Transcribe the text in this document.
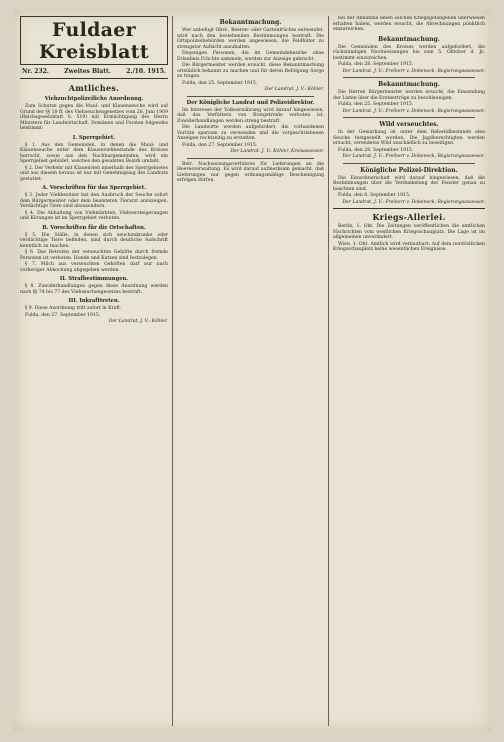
Fuldaer Kreisblatt
Nr. 232.	Zweites Blatt.	2./10. 1915.
Amtliches.
Viehzuchtpolizeiliche Anordnung.

Zum Schutze gegen die Maul- und Klauenseuche wird auf Grund der §§ 18 ff. des Viehseuchengesetzes vom 26. Juni 1909 (Reichsgesetzblatt S. 519) mit Ermächtigung des Herrn Ministers für Landwirtschaft, Domänen und Forsten folgendes bestimmt:

I. Sperrgebiet.

§ 1. Aus den Gemeinden, in denen die Maul- und Klauenseuche unter dem Klauenviehbestande des Kreises herrscht, sowie aus den Nachbargemeinden, wird ein Sperrgebiet gebildet, welches den gesamten Bezirk umfaßt.

§ 2. Der Verkehr mit Klauenvieh innerhalb des Sperrgebietes und aus diesem heraus ist nur mit Genehmigung des Landrats gestattet.

A. Vorschriften für das Sperrgebiet.

§ 3. Jeder Viehbesitzer hat den Ausbruch der Seuche sofort dem Bürgermeister oder dem beamteten Tierarzt anzuzeigen. Verdächtige Tiere sind abzusondern.

§ 4. Die Abhaltung von Viehmärkten, Viehversteigerungen und Körungen ist im Sperrgebiet verboten.

B. Vorschriften für die Ortschaften.

§ 5. Die Ställe, in denen sich seuchenkranke oder verdächtige Tiere befinden, sind durch deutliche Aufschrift kenntlich zu machen.

§ 6. Das Betreten der verseuchten Gehöfte durch fremde Personen ist verboten. Hunde und Katzen sind festzulegen.

§ 7. Milch aus verseuchten Gehöften darf nur nach vorheriger Abkochung abgegeben werden.

II. Strafbestimmungen.

§ 8. Zuwiderhandlungen gegen diese Anordnung werden nach §§ 74 bis 77 des Viehseuchengesetzes bestraft.

III. Inkrafttreten.

§ 9. Diese Anordnung tritt sofort in Kraft.

Fulda, den 27. September 1915.

Der Landrat. J. V.: Köhler.
Bekanntmachung.

Wer unbefugt Obst-, Beeren- oder Gartenfrüchte entwendet, wird nach den bestehenden Bestimmungen bestraft. Die Ortspolizeibehörden werden angewiesen, die Feldhüter zu strengster Aufsicht anzuhalten.

Diejenigen Personen, die im Gemeindebezirke ohne Erlaubnis Früchte sammeln, werden zur Anzeige gebracht.

Die Bürgermeister werden ersucht, diese Bekanntmachung ortsüblich bekannt zu machen und für deren Befolgung Sorge zu tragen.

Fulda, den 25. September 1915.

Der Landrat. J. V.: Köhler.
Der Königliche Landrat und Polizeidirektor.

Im Interesse der Volksernährung wird darauf hingewiesen, daß das Verfüttern von Brotgetreide verboten ist. Zuwiderhandlungen werden streng bestraft.

Die Landwirte werden aufgefordert, die vorhandenen Vorräte sparsam zu verwenden und die vorgeschriebenen Anzeigen rechtzeitig zu erstatten.

Fulda, den 27. September 1915.

Der Landrat. J. V.: Köhler, Kreisassessor.

Betr. Nachweisungsverfahren für Lieferungen an die Heeresverwaltung. Es wird darauf aufmerksam gemacht, daß Lieferungen nur gegen ordnungsmäßige Bescheinigung erfolgen dürfen.

bei der Annahme einen solchen Kriegsgefangenen überwiesen erhalten haben, werden ersucht, die Abrechnungen pünktlich einzureichen.

Bekanntmachung.

Die Gemeinden des Kreises werden aufgefordert, die rückständigen Nachweisungen bis zum 5. Oktober d. Js. bestimmt einzureichen.

Fulda, den 28. September 1915.

Der Landrat. J. V.: Freiherr v. Dobeneck, Regierungsassessor.
Bekanntmachung.

Die Herren Bürgermeister werden ersucht, die Einsendung der Listen über die Ernteerträge zu beschleunigen.

Fulda, den 25. September 1915.

Der Landrat. J. V.: Freiherr v. Dobeneck, Regierungsassessor.
Wild verseuchtes.

In der Gemarkung ist unter dem Rehwildbestande eine Seuche festgestellt worden. Die Jagdberechtigten werden ersucht, verendetes Wild unschädlich zu beseitigen.

Fulda, den 28. September 1915.

Der Landrat. J. V.: Freiherr v. Dobeneck, Regierungsassessor.
Königliche Polizei-Direktion.

Die Einwohnerschaft wird darauf hingewiesen, daß die Bestimmungen über die Verdunkelung der Fenster genau zu beachten sind.

Fulda, den 8. September 1915.

Der Landrat. J. V.: Freiherr v. Dobeneck, Regierungsassessor.
Kriegs-Allerlei.

Berlin, 1. Okt. Die Zeitungen veröffentlichen die amtlichen Nachrichten vom westlichen Kriegsschauplatz. Die Lage ist im allgemeinen unverändert.

Wien, 1. Okt. Amtlich wird verlautbart: Auf dem nordöstlichen Kriegsschauplatz keine wesentlichen Ereignisse.
